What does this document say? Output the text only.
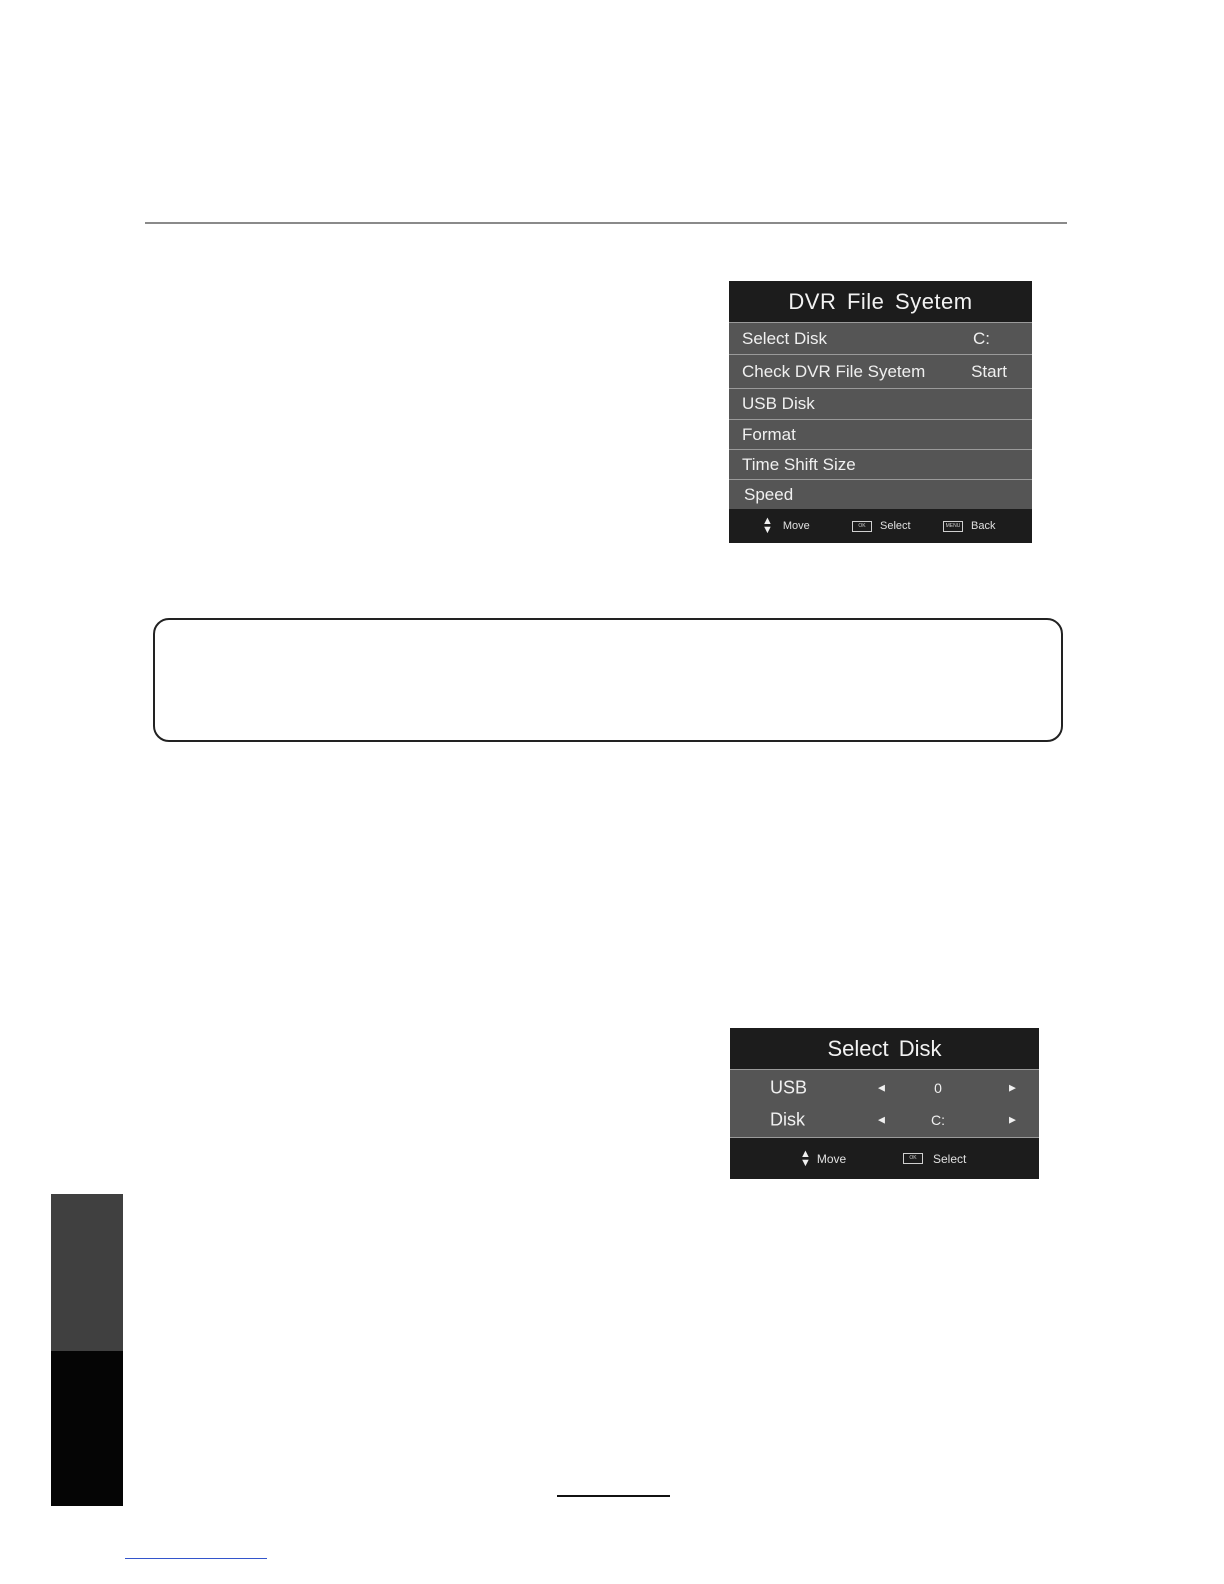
DVR File Syetem
Select Disk	C:
Check DVR File Syetem	Start
USB Disk
Format
Time Shift Size
Speed
▲
▼ Move	OK	Select	MENU Back
Select Disk
USB	◀	0	▶
Disk	◀	C:	▶
▲
▼ Move	OK	Select
